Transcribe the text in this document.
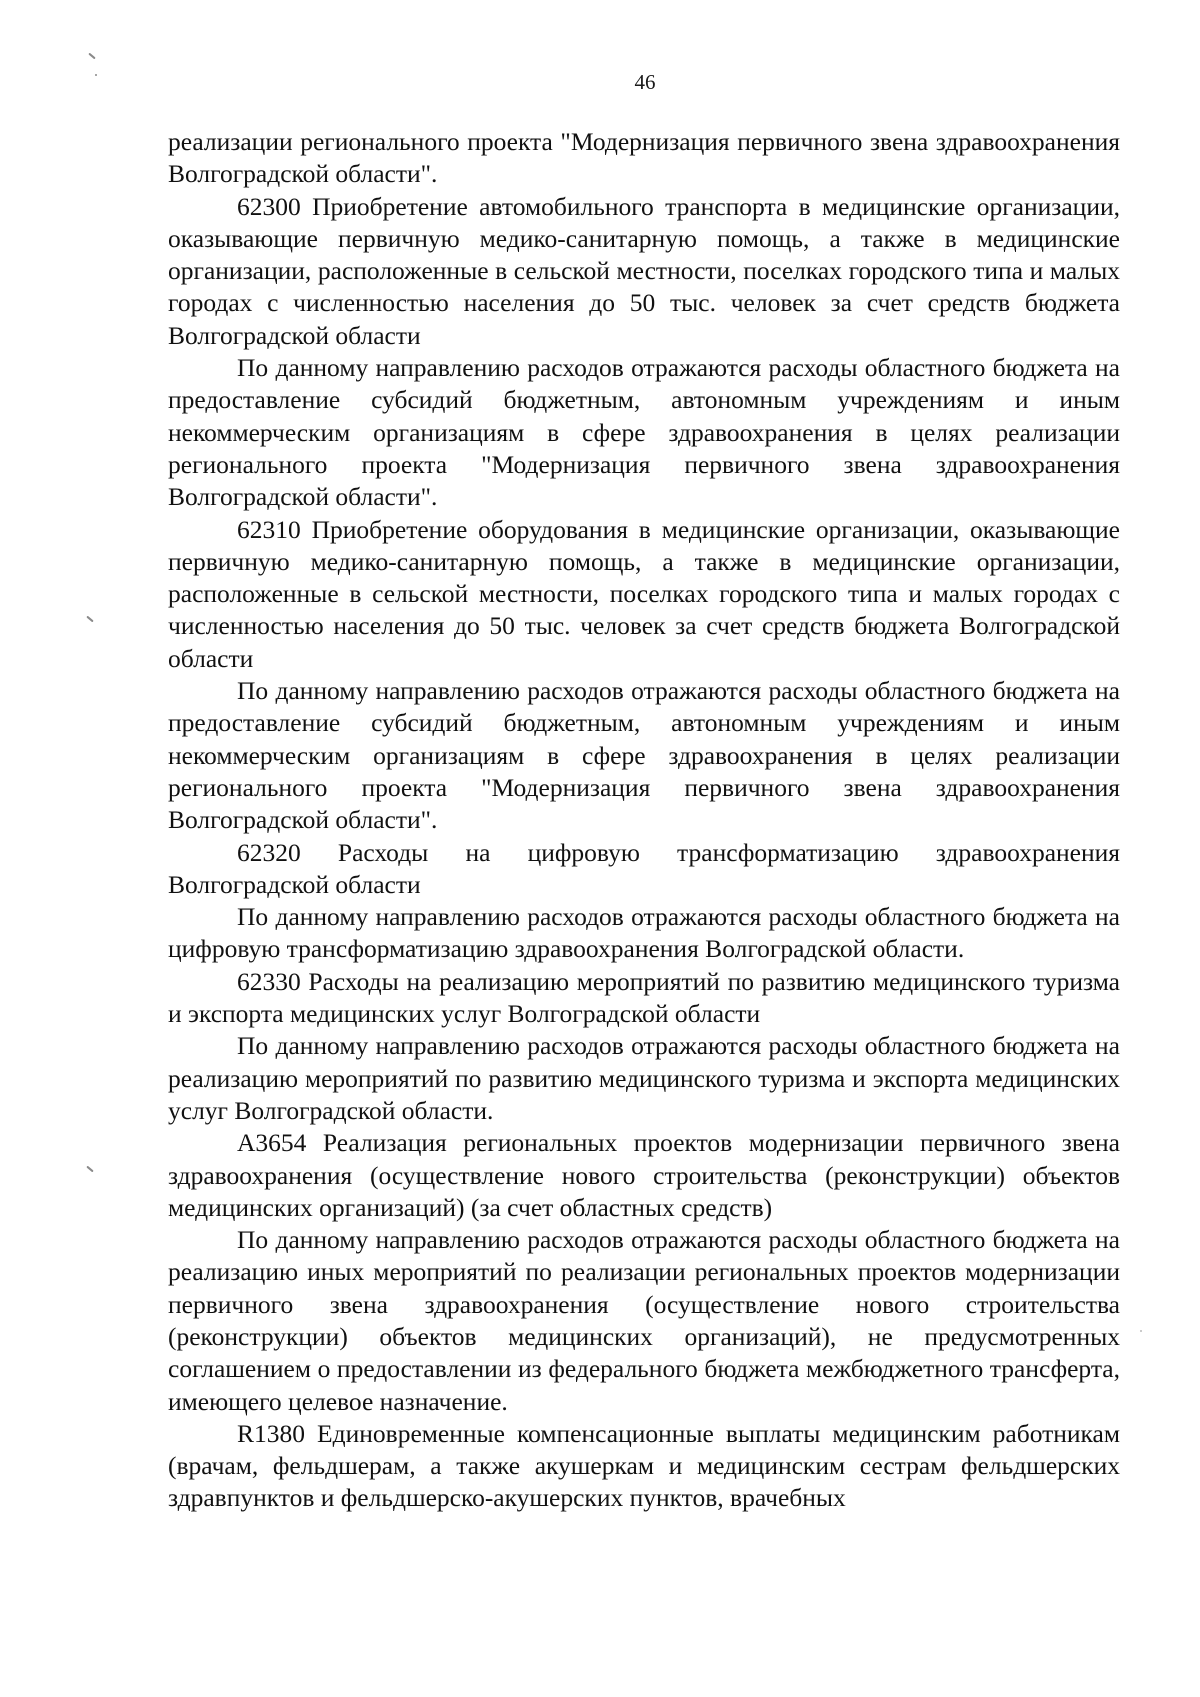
46

реализации регионального проекта "Модернизация первичного звена здравоохранения Волгоградской области".

62300 Приобретение автомобильного транспорта в медицинские организации, оказывающие первичную медико-санитарную помощь, а также в медицинские организации, расположенные в сельской местности, поселках городского типа и малых городах с численностью населения до 50 тыс. человек за счет средств бюджета Волгоградской области

По данному направлению расходов отражаются расходы областного бюджета на предоставление субсидий бюджетным, автономным учреждениям и иным некоммерческим организациям в сфере здравоохранения в целях реализации регионального проекта "Модернизация первичного звена здравоохранения Волгоградской области".

62310 Приобретение оборудования в медицинские организации, оказывающие первичную медико-санитарную помощь, а также в медицинские организации, расположенные в сельской местности, поселках городского типа и малых городах с численностью населения до 50 тыс. человек за счет средств бюджета Волгоградской области

По данному направлению расходов отражаются расходы областного бюджета на предоставление субсидий бюджетным, автономным учреждениям и иным некоммерческим организациям в сфере здравоохранения в целях реализации регионального проекта "Модернизация первичного звена здравоохранения Волгоградской области".

62320 Расходы на цифровую трансформатизацию здравоохранения Волгоградской области

По данному направлению расходов отражаются расходы областного бюджета на цифровую трансформатизацию здравоохранения Волгоградской области.

62330 Расходы на реализацию мероприятий по развитию медицинского туризма и экспорта медицинских услуг Волгоградской области

По данному направлению расходов отражаются расходы областного бюджета на реализацию мероприятий по развитию медицинского туризма и экспорта медицинских услуг Волгоградской области.

А3654 Реализация региональных проектов модернизации первичного звена здравоохранения (осуществление нового строительства (реконструкции) объектов медицинских организаций) (за счет областных средств)

По данному направлению расходов отражаются расходы областного бюджета на реализацию иных мероприятий по реализации региональных проектов модернизации первичного звена здравоохранения (осуществление нового строительства (реконструкции) объектов медицинских организаций), не предусмотренных соглашением о предоставлении из федерального бюджета межбюджетного трансферта, имеющего целевое назначение.

R1380 Единовременные компенсационные выплаты медицинским работникам (врачам, фельдшерам, а также акушеркам и медицинским сестрам фельдшерских здравпунктов и фельдшерско-акушерских пунктов, врачебных
